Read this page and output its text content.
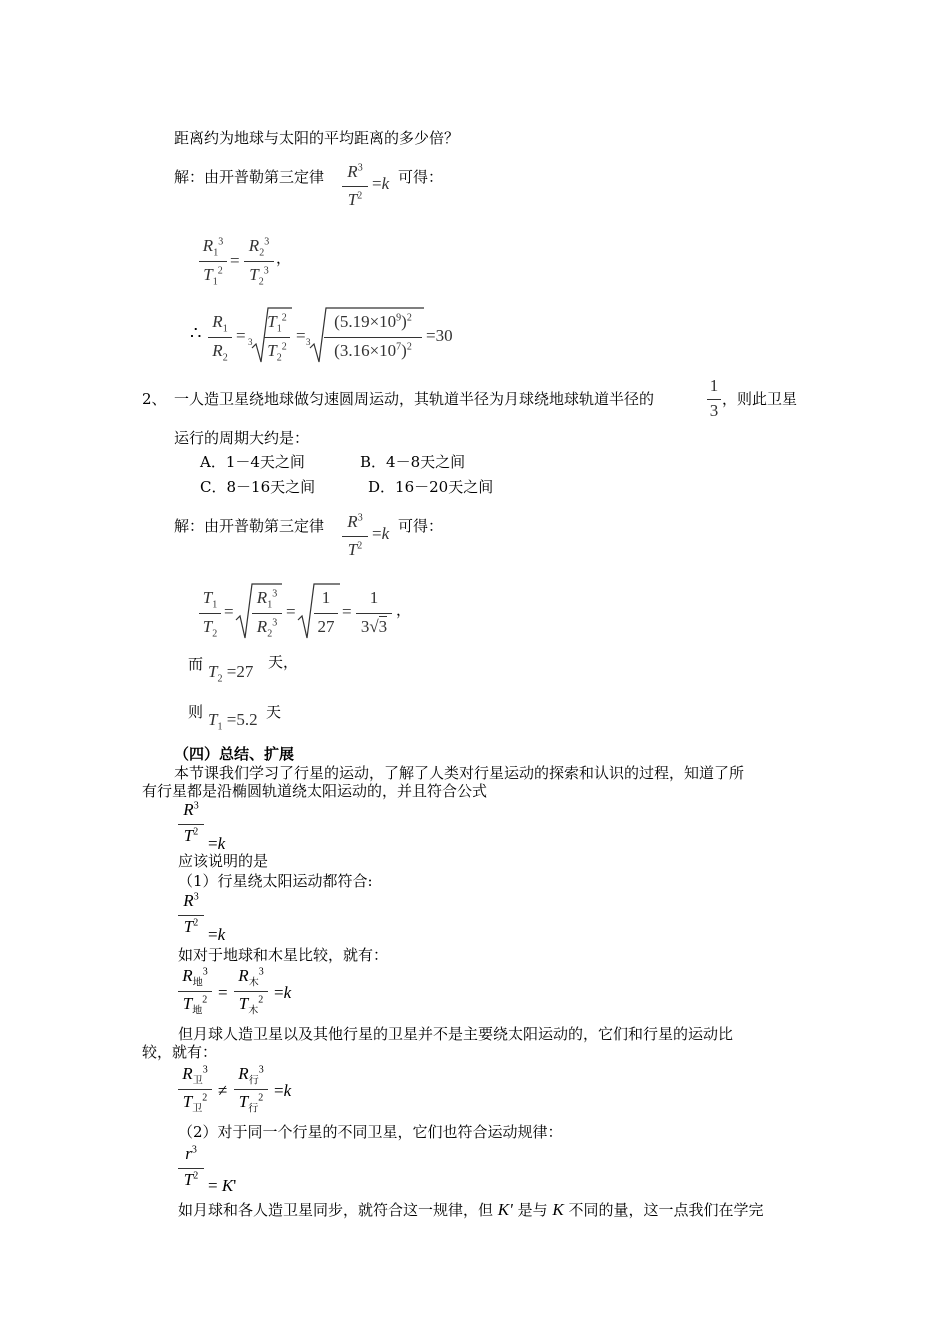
距离约为地球与太阳的平均距离的多少倍？
解：由开普勒第三定律	$R^3$
$T^2$
=k 可得：
$R_1^3$
$T_1^2$
=
$R_2^3$
$T_2^3$
，
∴
$R_1$
$R_2$
= 3
$T_1^2$
$T_2^2$
= 3
$(5.19\times 10^9)^2$
$(3.16\times 10^7)^2$
=30
2、 一人造卫星绕地球做匀速圆周运动，其轨道半径为月球绕地球轨道半径的
1
3
，则此卫星
运行的周期大约是：
A．1－4天之间	B．4－8天之间
C．8－16天之间	D．16－20天之间
解：由开普勒第三定律	$R^3$
$T^2$
=k 可得：
$T_1$
$T_2$
=
$R_1^3$
$R_2^3$
=
1
27
=
1
3√3
，
而 $T_2 =27$ 天，
则 $T_1 =5.2$ 天
（四）总结、扩展
本节课我们学习了行星的运动，了解了人类对行星运动的探索和认识的过程，知道了所
有行星都是沿椭圆轨道绕太阳运动的，并且符合公式
$R^3$
$T^2$
=k
应该说明的是
（1）行星绕太阳运动都符合:
$R^3$
$T^2$
=k
如对于地球和木星比较，就有：
$R_地^3$
$T_地^2$ =
$R_木^3$
$T_木^2 =k$
但月球人造卫星以及其他行星的卫星并不是主要绕太阳运动的，它们和行星的运动比
较，就有：
$R_卫^3$
$T_卫^2$ ≠
$R_行^3$
$T_行^2 =k$
（2）对于同一个行星的不同卫星，它们也符合运动规律：
$r^3$
$T^2$
= K'
如月球和各人造卫星同步，就符合这一规律，但 K' 是与 K 不同的量，这一点我们在学完
